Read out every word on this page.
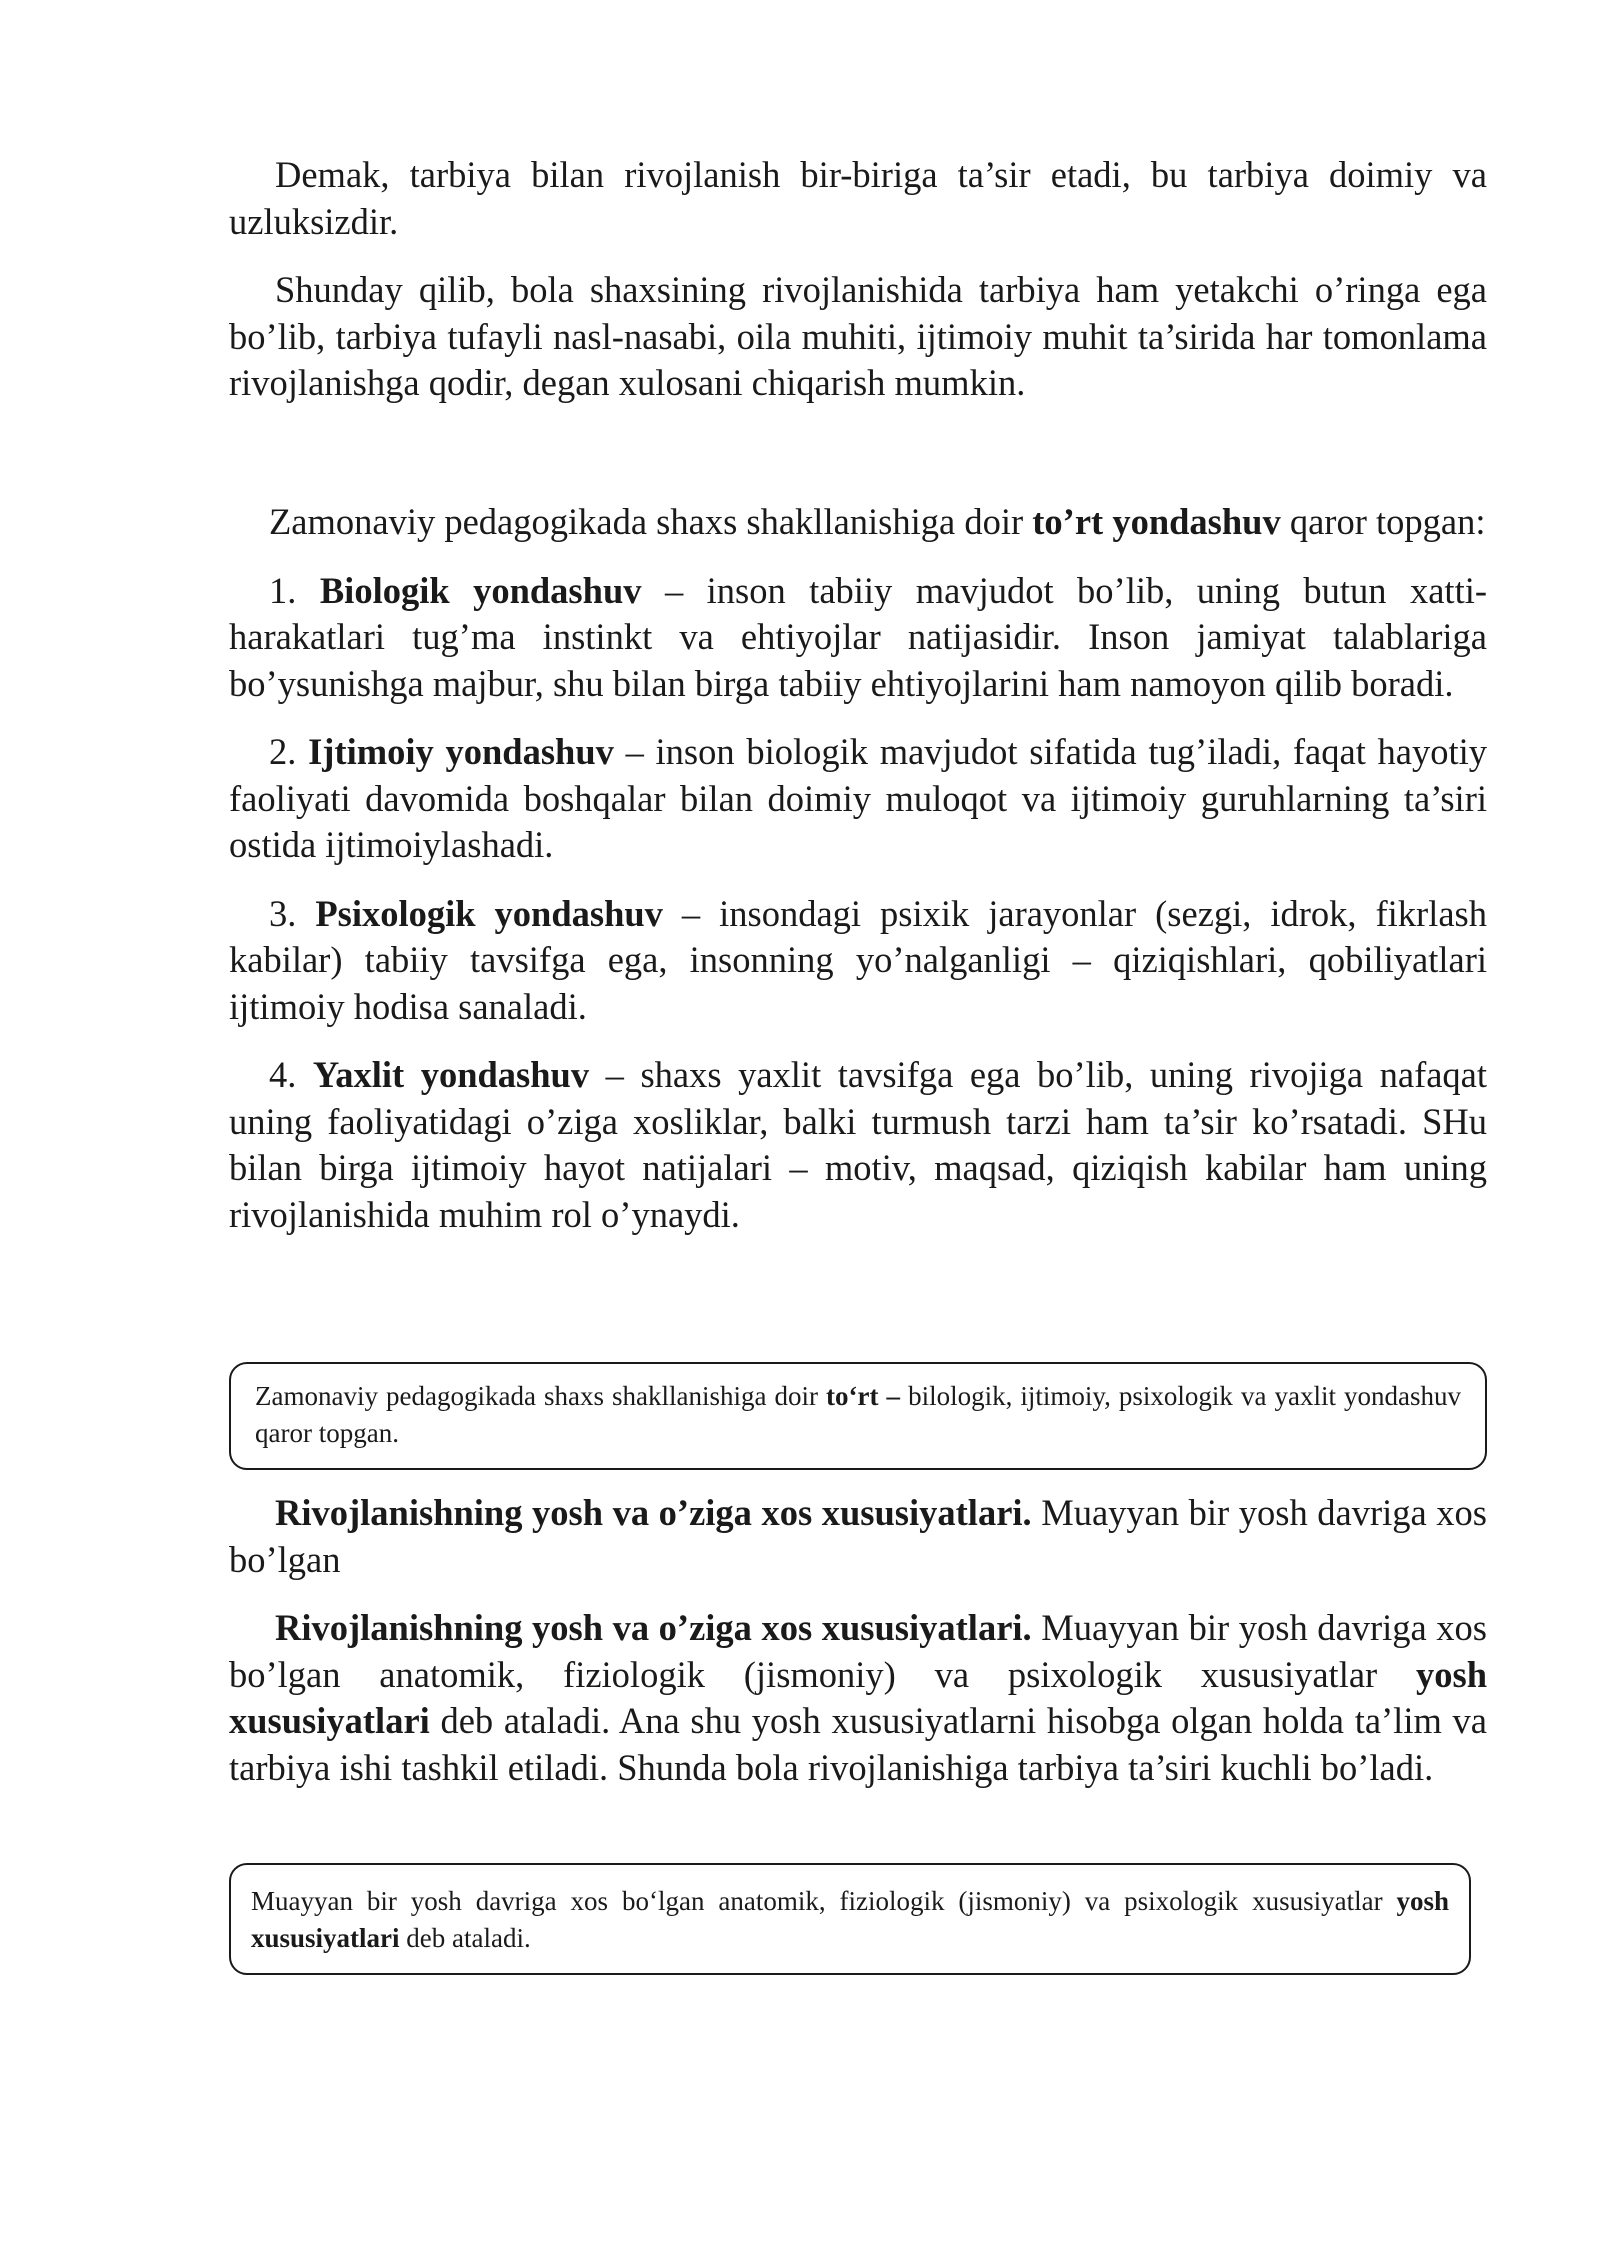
Demak, tarbiya bilan rivojlanish bir-biriga ta’sir etadi, bu tarbiya doimiy va uzluksizdir.

Shunday qilib, bola shaxsining rivojlanishida tarbiya ham yetakchi o’ringa ega bo’lib, tarbiya tufayli nasl-nasabi, oila muhiti, ijtimoiy muhit ta’sirida har tomonlama rivojlanishga qodir, degan xulosani chiqarish mumkin.

Zamonaviy pedagogikada shaxs shakllanishiga doir to’rt yondashuv qaror topgan:

1. Biologik yondashuv – inson tabiiy mavjudot bo’lib, uning butun xatti-harakatlari tug’ma instinkt va ehtiyojlar natijasidir. Inson jamiyat talablariga bo’ysunishga majbur, shu bilan birga tabiiy ehtiyojlarini ham namoyon qilib boradi.

2. Ijtimoiy yondashuv – inson biologik mavjudot sifatida tug’iladi, faqat hayotiy faoliyati davomida boshqalar bilan doimiy muloqot va ijtimoiy guruhlarning ta’siri ostida ijtimoiylashadi.

3. Psixologik yondashuv – insondagi psixik jarayonlar (sezgi, idrok, fikrlash kabilar) tabiiy tavsifga ega, insonning yo’nalganligi – qiziqishlari, qobiliyatlari ijtimoiy hodisa sanaladi.

4. Yaxlit yondashuv – shaxs yaxlit tavsifga ega bo’lib, uning rivojiga nafaqat uning faoliyatidagi o’ziga xosliklar, balki turmush tarzi ham ta’sir ko’rsatadi. SHu bilan birga ijtimoiy hayot natijalari – motiv, maqsad, qiziqish kabilar ham uning rivojlanishida muhim rol o’ynaydi.

Zamonaviy pedagogikada shaxs shakllanishiga doir to‘rt – bilologik, ijtimoiy, psixologik va yaxlit yondashuv qaror topgan.

Rivojlanishning yosh va o’ziga xos xususiyatlari. Muayyan bir yosh davriga xos bo’lgan

Rivojlanishning yosh va o’ziga xos xususiyatlari. Muayyan bir yosh davriga xos bo’lgan anatomik, fiziologik (jismoniy) va psixologik xususiyatlar yosh xususiyatlari deb ataladi. Ana shu yosh xususiyatlarni hisobga olgan holda ta’lim va tarbiya ishi tashkil etiladi. Shunda bola rivojlanishiga tarbiya ta’siri kuchli bo’ladi.

Muayyan bir yosh davriga xos bo‘lgan anatomik, fiziologik (jismoniy) va psixologik xususiyatlar yosh xususiyatlari deb ataladi.
